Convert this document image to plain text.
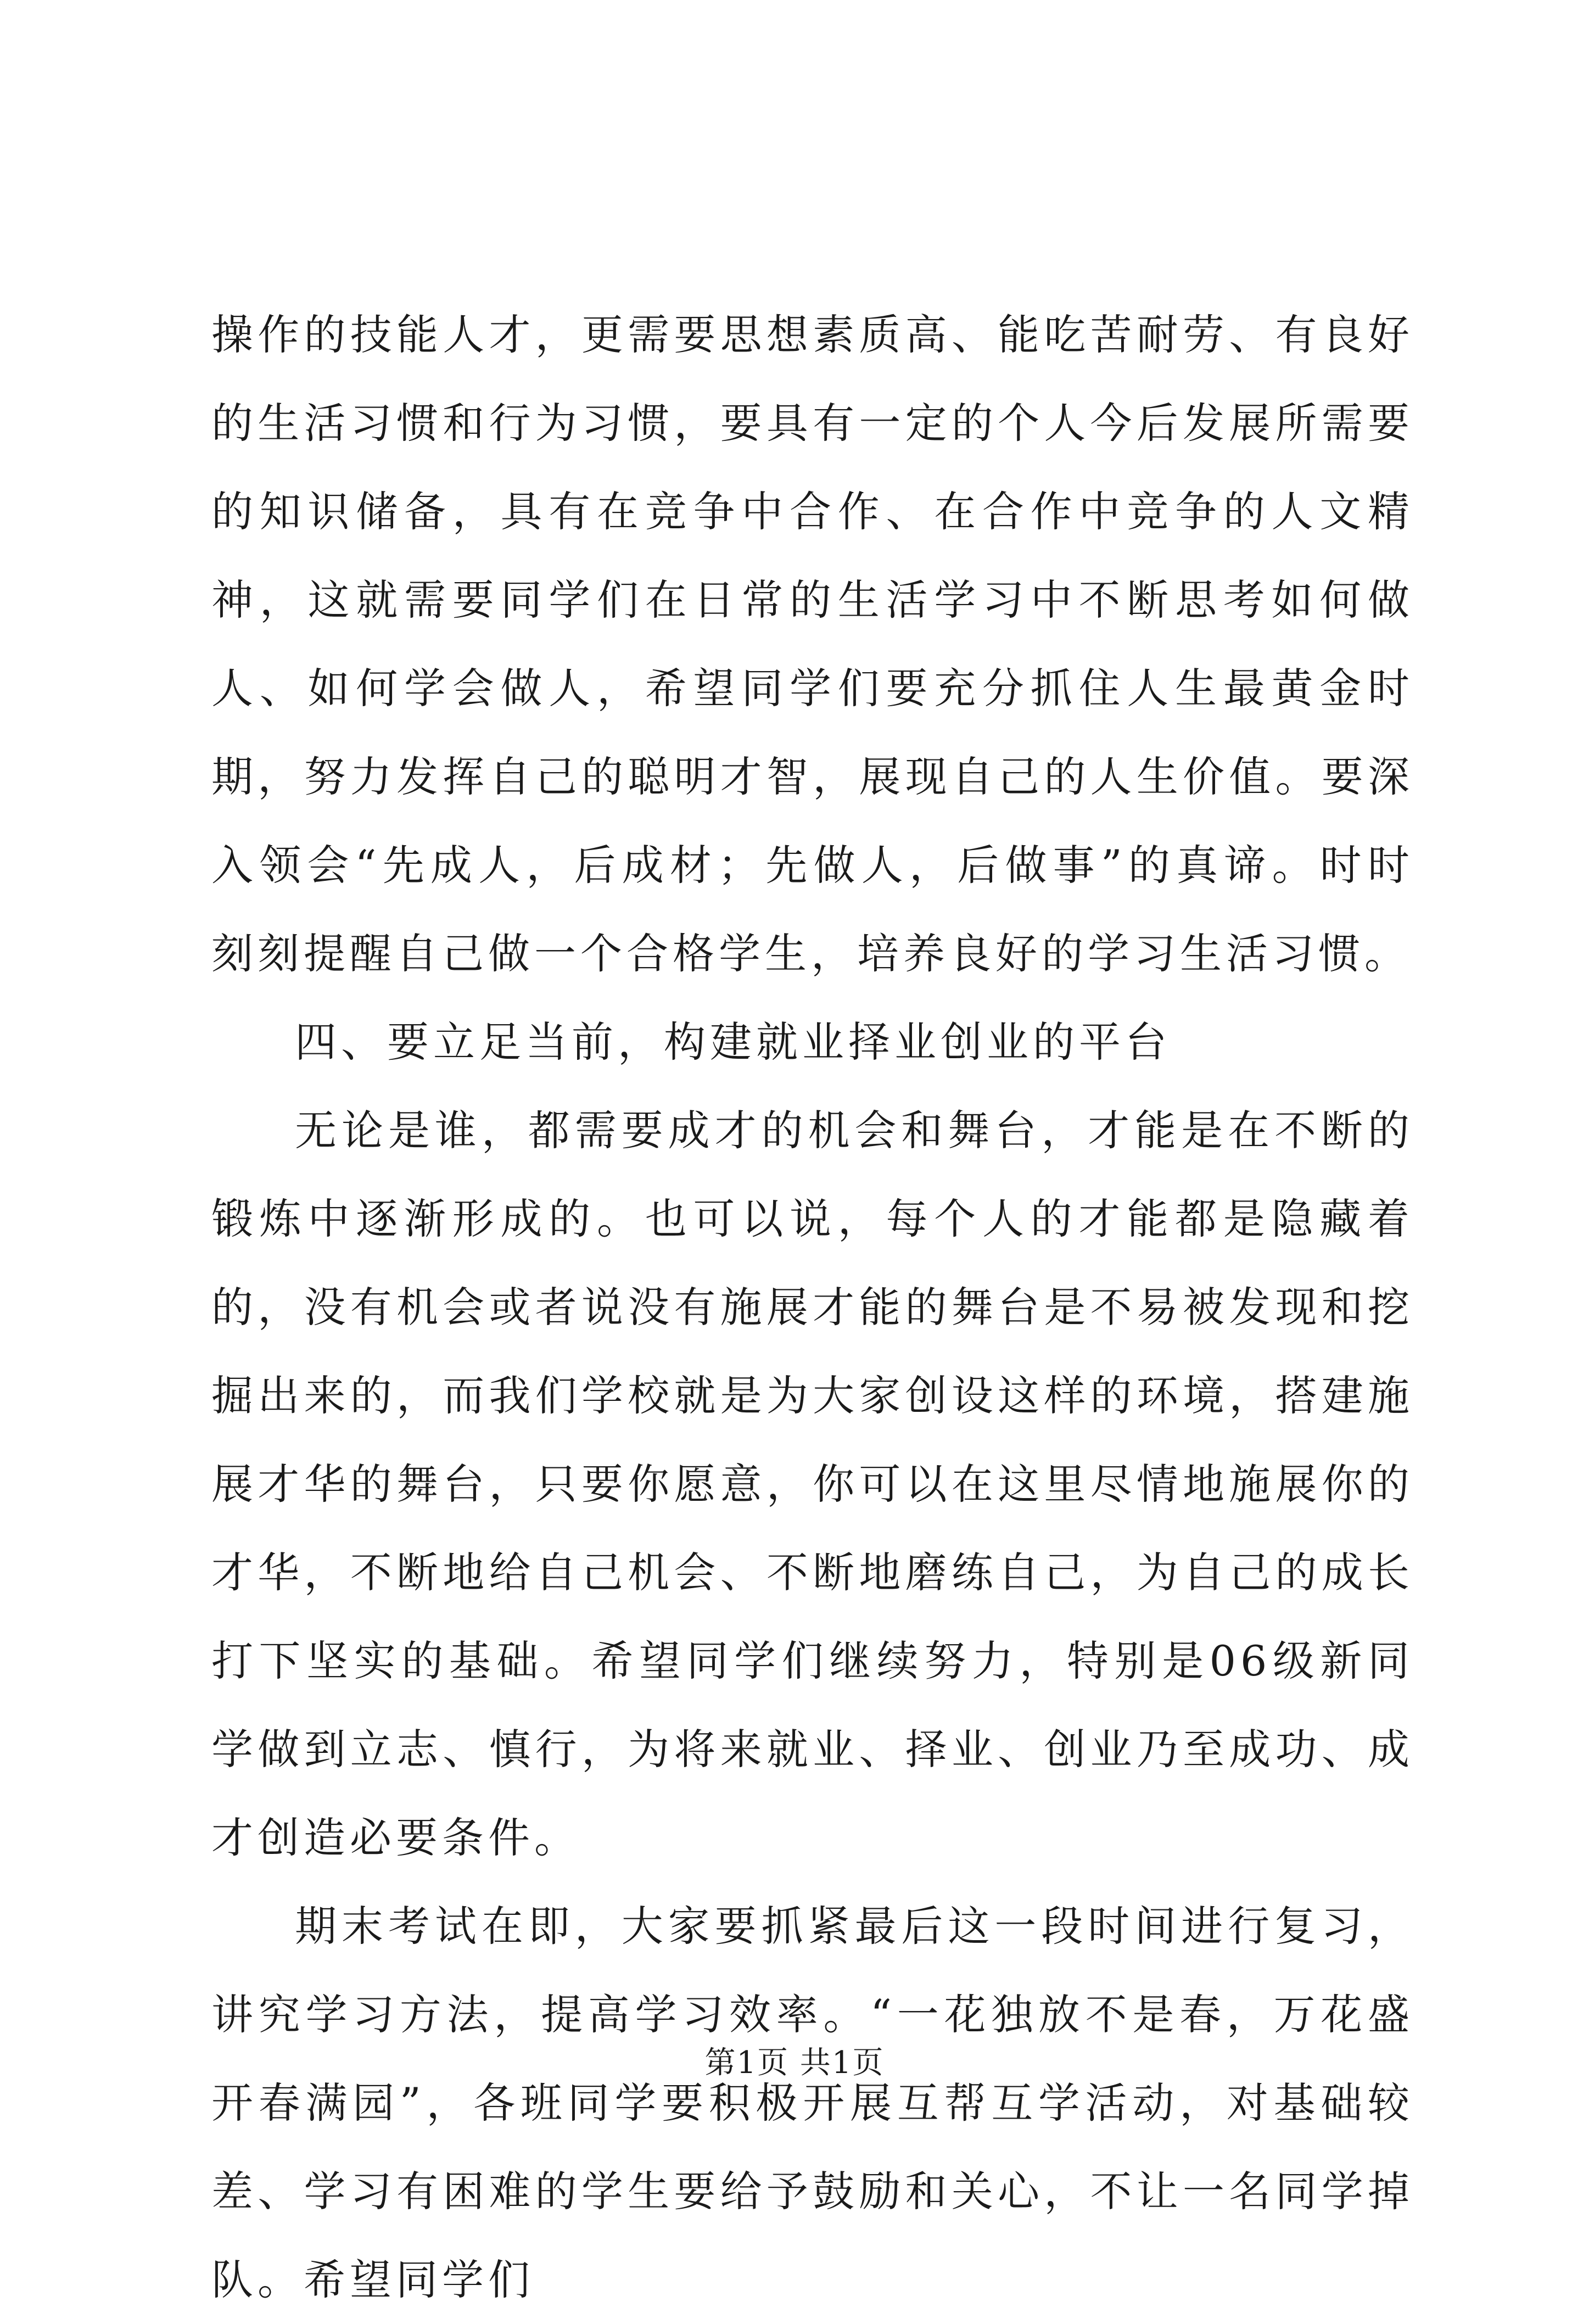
操作的技能人才，更需要思想素质高、能吃苦耐劳、有良好的生活习惯和行为习惯，要具有一定的个人今后发展所需要的知识储备，具有在竞争中合作、在合作中竞争的人文精神，这就需要同学们在日常的生活学习中不断思考如何做人、如何学会做人，希望同学们要充分抓住人生最黄金时期，努力发挥自己的聪明才智，展现自己的人生价值。要深入领会“先成人，后成材；先做人，后做事”的真谛。时时刻刻提醒自己做一个合格学生，培养良好的学习生活习惯。

四、要立足当前，构建就业择业创业的平台

无论是谁，都需要成才的机会和舞台，才能是在不断的锻炼中逐渐形成的。也可以说，每个人的才能都是隐藏着的，没有机会或者说没有施展才能的舞台是不易被发现和挖掘出来的，而我们学校就是为大家创设这样的环境，搭建施展才华的舞台，只要你愿意，你可以在这里尽情地施展你的才华，不断地给自己机会、不断地磨练自己，为自己的成长打下坚实的基础。希望同学们继续努力，特别是06级新同学做到立志、慎行，为将来就业、择业、创业乃至成功、成才创造必要条件。

期末考试在即，大家要抓紧最后这一段时间进行复习，讲究学习方法，提高学习效率。“一花独放不是春，万花盛开春满园”，各班同学要积极开展互帮互学活动，对基础较差、学习有困难的学生要给予鼓励和关心，不让一名同学掉队。希望同学们

第1页 共1页
